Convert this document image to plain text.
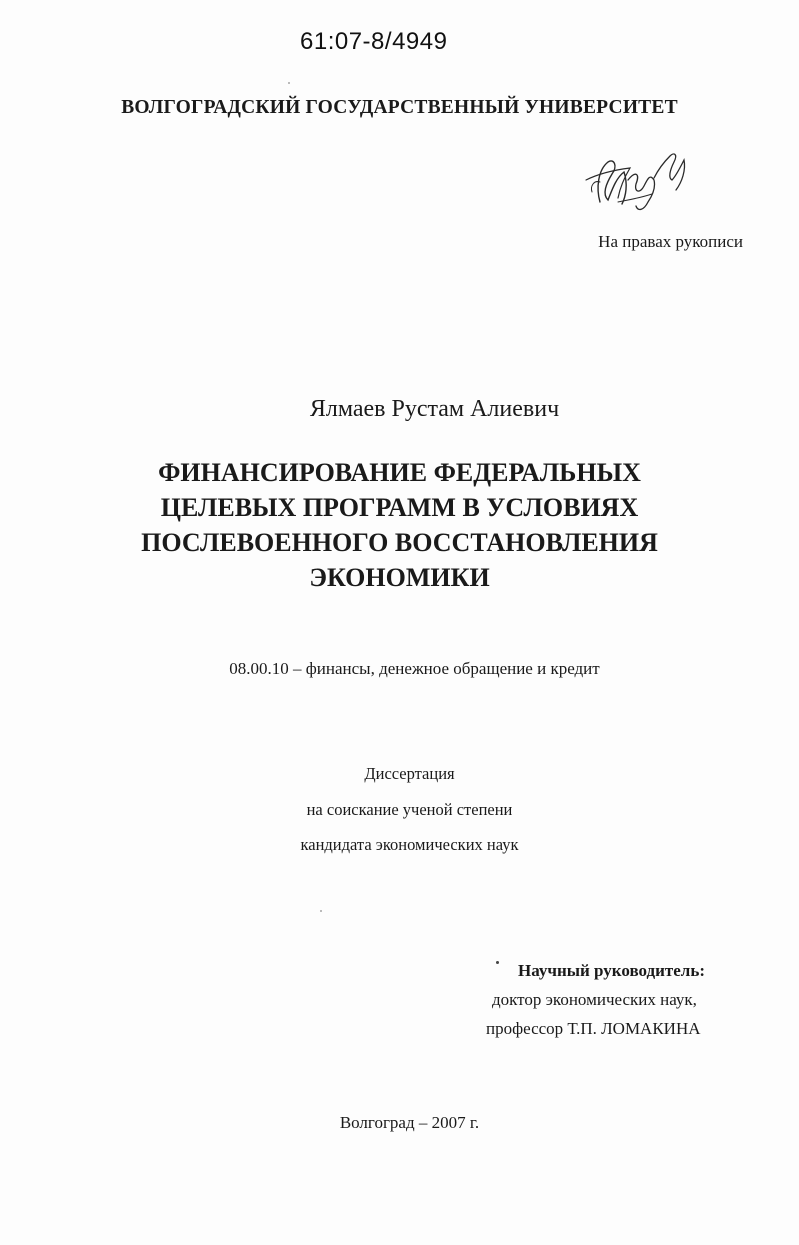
61:07-8/4949
ВОЛГОГРАДСКИЙ ГОСУДАРСТВЕННЫЙ УНИВЕРСИТЕТ
На правах рукописи
Ялмаев Рустам Алиевич
ФИНАНСИРОВАНИЕ ФЕДЕРАЛЬНЫХ
ЦЕЛЕВЫХ ПРОГРАММ В УСЛОВИЯХ
ПОСЛЕВОЕННОГО ВОССТАНОВЛЕНИЯ
ЭКОНОМИКИ
08.00.10 – финансы, денежное обращение и кредит
Диссертация
на соискание ученой степени
кандидата экономических наук
Научный руководитель:
доктор экономических наук,
профессор Т.П. ЛОМАКИНА
Волгоград – 2007 г.
